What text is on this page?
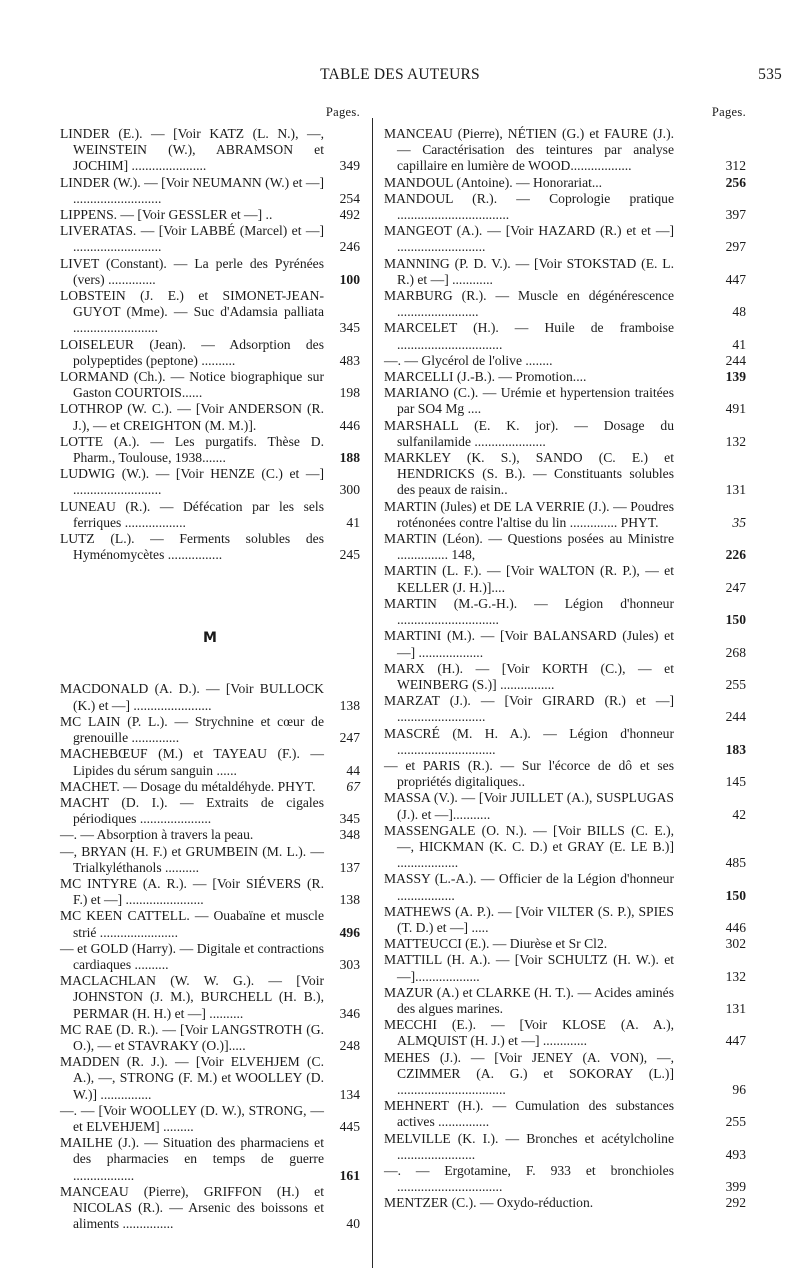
TABLE DES AUTEURS	535
Pages.
LINDER (E.). — [Voir KATZ (L. N.), —, WEINSTEIN (W.), ABRAMSON et JOCHIM] ......................	349
LINDER (W.). — [Voir NEUMANN (W.) et —] ..........................	254
LIPPENS. — [Voir GESSLER et —] ..	492
LIVERATAS. — [Voir LABBÉ (Marcel) et —] ..........................	246
LIVET (Constant). — La perle des Pyrénées (vers) ..............	100
LOBSTEIN (J. E.) et SIMONET-JEAN-GUYOT (Mme). — Suc d'Adamsia palliata .........................	345
LOISELEUR (Jean). — Adsorption des polypeptides (peptone) ..........	483
LORMAND (Ch.). — Notice biographique sur Gaston COURTOIS......	198
LOTHROP (W. C.). — [Voir ANDERSON (R. J.), — et CREIGHTON (M. M.)].	446
LOTTE (A.). — Les purgatifs. Thèse D. Pharm., Toulouse, 1938.......	188
LUDWIG (W.). — [Voir HENZE (C.) et —] ..........................	300
LUNEAU (R.). — Défécation par les sels ferriques ..................	41
LUTZ (L.). — Ferments solubles des Hyménomycètes ................	245
M
MACDONALD (A. D.). — [Voir BULLOCK (K.) et —] .......................	138
MC LAIN (P. L.). — Strychnine et cœur de grenouille ..............	247
MACHEBŒUF (M.) et TAYEAU (F.). — Lipides du sérum sanguin ......	44
MACHET. — Dosage du métaldéhyde. PHYT.	67
MACHT (D. I.). — Extraits de cigales périodiques .....................	345
—. — Absorption à travers la peau.	348
—, BRYAN (H. F.) et GRUMBEIN (M. L.). — Trialkyléthanols ..........	137
MC INTYRE (A. R.). — [Voir SIÉVERS (R. F.) et —] .......................	138
MC KEEN CATTELL. — Ouabaïne et muscle strié .......................	496
— et GOLD (Harry). — Digitale et contractions cardiaques ..........	303
MACLACHLAN (W. W. G.). — [Voir JOHNSTON (J. M.), BURCHELL (H. B.), PERMAR (H. H.) et —] ..........	346
MC RAE (D. R.). — [Voir LANGSTROTH (G. O.), — et STAVRAKY (O.)].....	248
MADDEN (R. J.). — [Voir ELVEHJEM (C. A.), —, STRONG (F. M.) et WOOLLEY (D. W.)] ...............	134
—. — [Voir WOOLLEY (D. W.), STRONG, — et ELVEHJEM] .........	445
MAILHE (J.). — Situation des pharmaciens et des pharmacies en temps de guerre ..................	161
MANCEAU (Pierre), GRIFFON (H.) et NICOLAS (R.). — Arsenic des boissons et aliments ...............	40
Pages.
MANCEAU (Pierre), NÉTIEN (G.) et FAURE (J.). — Caractérisation des teintures par analyse capillaire en lumière de WOOD..................	312
MANDOUL (Antoine). — Honorariat...	256
MANDOUL (R.). — Coprologie pratique .................................	397
MANGEOT (A.). — [Voir HAZARD (R.) et et —] ..........................	297
MANNING (P. D. V.). — [Voir STOKSTAD (E. L. R.) et —] ............	447
MARBURG (R.). — Muscle en dégénérescence ........................	48
MARCELET (H.). — Huile de framboise ...............................	41
—. — Glycérol de l'olive ........	244
MARCELLI (J.-B.). — Promotion....	139
MARIANO (C.). — Urémie et hypertension traitées par SO4 Mg ....	491
MARSHALL (E. K. jor). — Dosage du sulfanilamide .....................	132
MARKLEY (K. S.), SANDO (C. E.) et HENDRICKS (S. B.). — Constituants solubles des peaux de raisin..	131
MARTIN (Jules) et DE LA VERRIE (J.). — Poudres roténonées contre l'altise du lin .............. PHYT.	35
MARTIN (Léon). — Questions posées au Ministre ............... 148,	226
MARTIN (L. F.). — [Voir WALTON (R. P.), — et KELLER (J. H.)]....	247
MARTIN (M.-G.-H.). — Légion d'honneur ..............................	150
MARTINI (M.). — [Voir BALANSARD (Jules) et —] ...................	268
MARX (H.). — [Voir KORTH (C.), — et WEINBERG (S.)] ................	255
MARZAT (J.). — [Voir GIRARD (R.) et —] ..........................	244
MASCRÉ (M. H. A.). — Légion d'honneur .............................	183
— et PARIS (R.). — Sur l'écorce de dô et ses propriétés digitaliques..	145
MASSA (V.). — [Voir JUILLET (A.), SUSPLUGAS (J.). et —]...........	42
MASSENGALE (O. N.). — [Voir BILLS (C. E.), —, HICKMAN (K. C. D.) et GRAY (E. LE B.)] ..................	485
MASSY (L.-A.). — Officier de la Légion d'honneur .................	150
MATHEWS (A. P.). — [Voir VILTER (S. P.), SPIES (T. D.) et —] .....	446
MATTEUCCI (E.). — Diurèse et Sr Cl2.	302
MATTILL (H. A.). — [Voir SCHULTZ (H. W.). et —]...................	132
MAZUR (A.) et CLARKE (H. T.). — Acides aminés des algues marines.	131
MECCHI (E.). — [Voir KLOSE (A. A.), ALMQUIST (H. J.) et —] .............	447
MEHES (J.). — [Voir JENEY (A. VON), —, CZIMMER (A. G.) et SOKORAY (L.)] ................................	96
MEHNERT (H.). — Cumulation des substances actives ...............	255
MELVILLE (K. I.). — Bronches et acétylcholine .......................	493
—. — Ergotamine, F. 933 et bronchioles ...............................	399
MENTZER (C.). — Oxydo-réduction.	292
